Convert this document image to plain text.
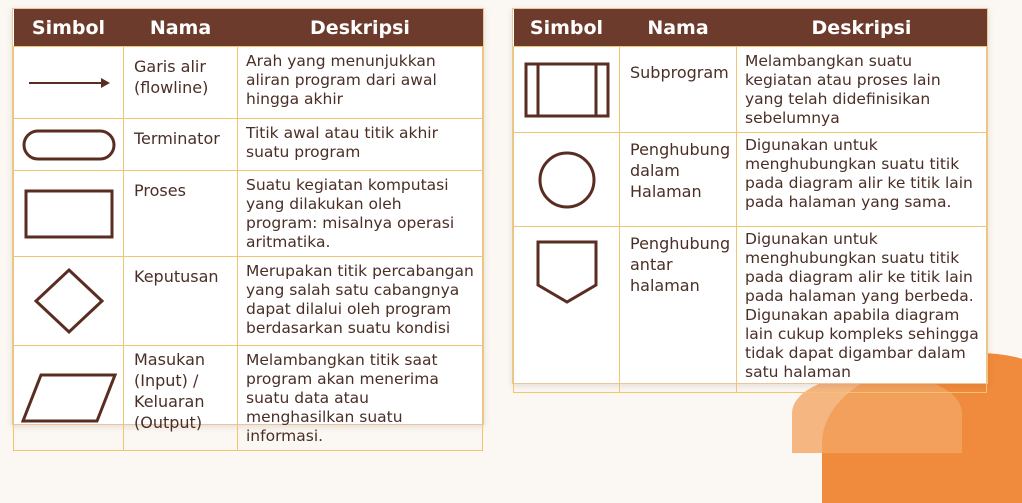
Simbol	Nama	Deskripsi

	Garis alir (flowline)	Arah yang menunjukkan aliran program dari awal hingga akhir

	Terminator	Titik awal atau titik akhir suatu program

	Proses	Suatu kegiatan komputasi yang dilakukan oleh program: misalnya operasi aritmatika.

	Keputusan	Merupakan titik percabangan yang salah satu cabangnya dapat dilalui oleh program berdasarkan suatu kondisi

	Masukan (Input) / Keluaran (Output)	Melambangkan titik saat program akan menerima suatu data atau menghasilkan suatu informasi.
Simbol	Nama	Deskripsi

	Subprogram	Melambangkan suatu kegiatan atau proses lain yang telah didefinisikan sebelumnya

	Penghubung dalam Halaman	Digunakan untuk menghubungkan suatu titik pada diagram alir ke titik lain pada halaman yang sama.

	Penghubung antar halaman	Digunakan untuk menghubungkan suatu titik pada diagram alir ke titik lain pada halaman yang berbeda. Digunakan apabila diagram lain cukup kompleks sehingga tidak dapat digambar dalam satu halaman
